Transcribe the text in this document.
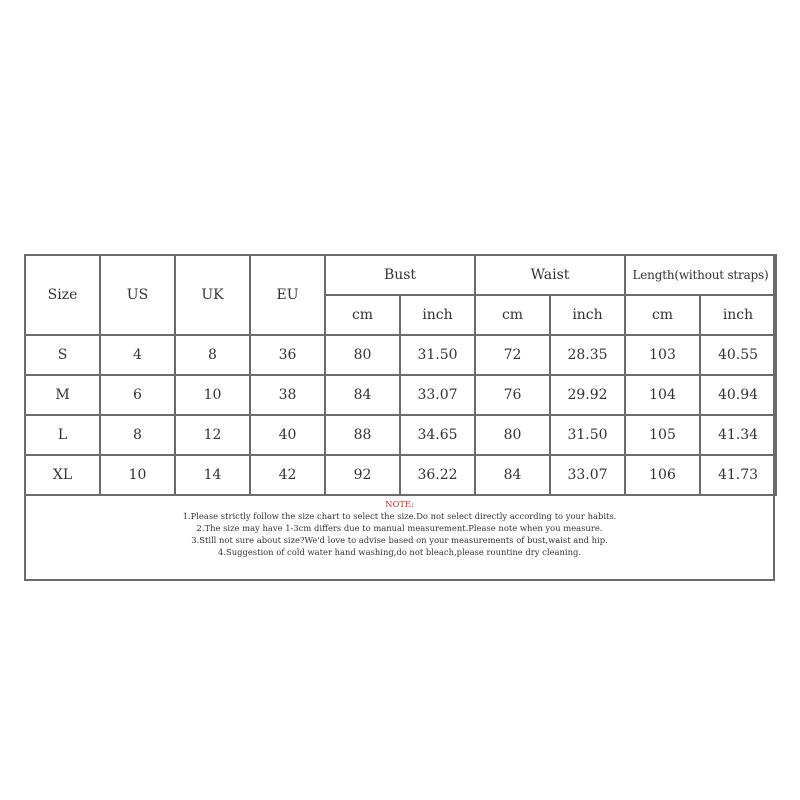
Size	US	UK	EU	Bust		Waist		Length(without straps)	
				cm	inch	cm	inch	cm	inch
S	4	8	36	80	31.50	72	28.35	103	40.55
M	6	10	38	84	33.07	76	29.92	104	40.94
L	8	12	40	88	34.65	80	31.50	105	41.34
XL	10	14	42	92	36.22	84	33.07	106	41.73
NOTE:
1.Please strictly follow the size chart to select the size.Do not select directly according to your habits.
2.The size may have 1-3cm differs due to manual measurement.Please note when you measure.
3.Still not sure about size?We'd love to advise based on your measurements of bust,waist and hip.
4.Suggestion of cold water hand washing,do not bleach,please rountine dry cleaning.
